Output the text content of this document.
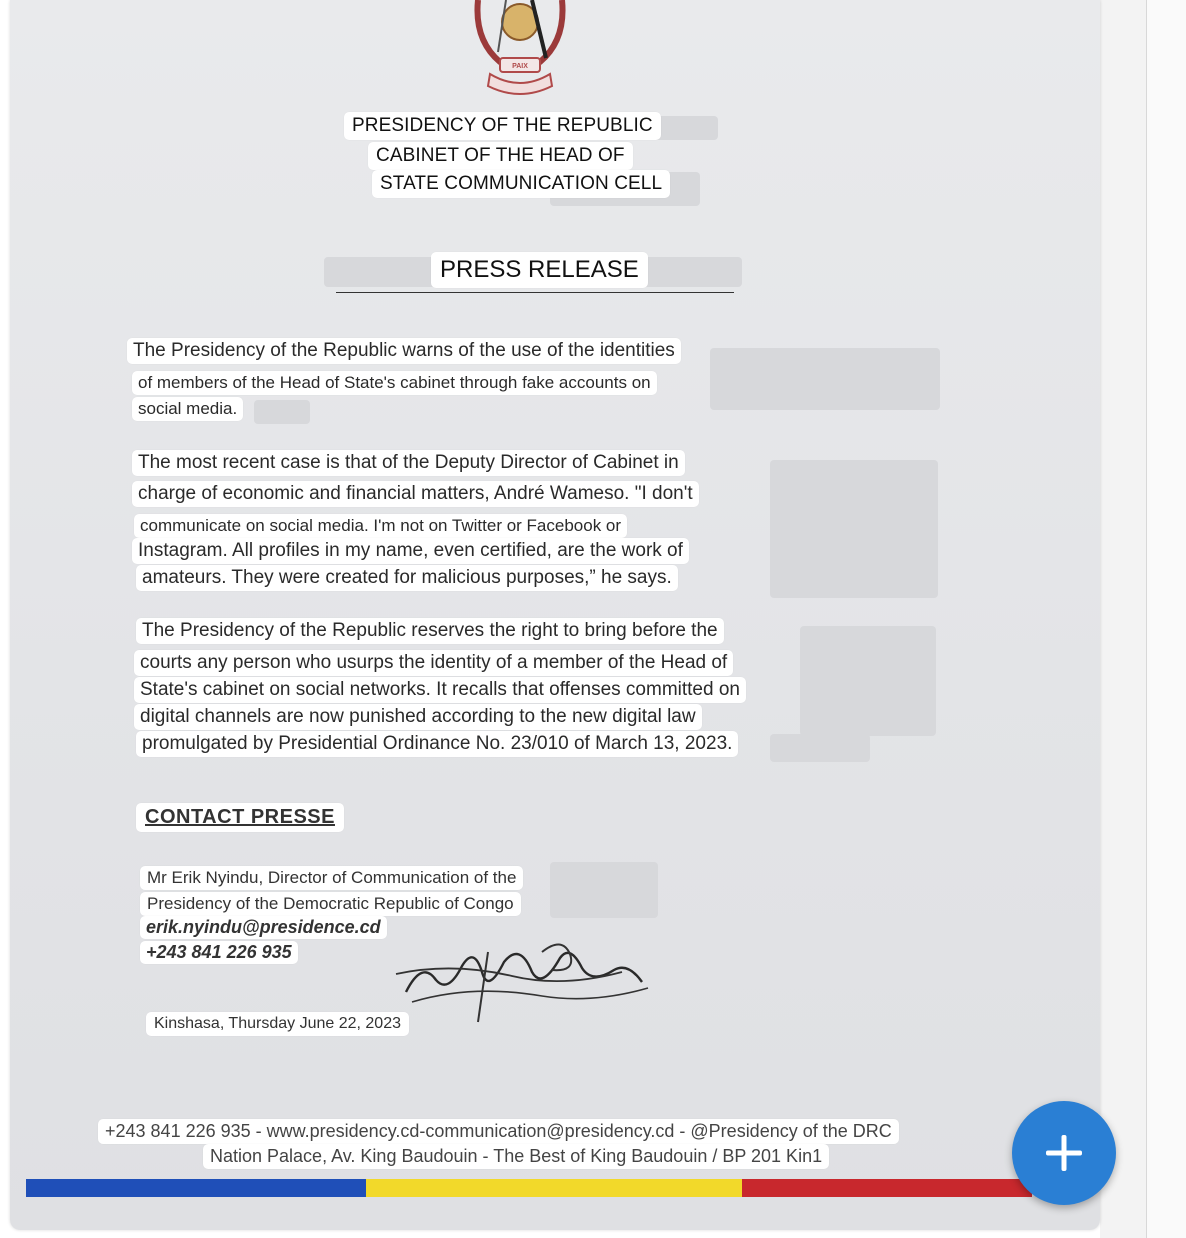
PAIX
PRESIDENCY OF THE REPUBLIC
CABINET OF THE HEAD OF
STATE COMMUNICATION CELL
PRESS RELEASE
The Presidency of the Republic warns of the use of the identities
of members of the Head of State's cabinet through fake accounts on
social media.
The most recent case is that of the Deputy Director of Cabinet in
charge of economic and financial matters, André Wameso. "I don't
communicate on social media. I'm not on Twitter or Facebook or
Instagram. All profiles in my name, even certified, are the work of
amateurs. They were created for malicious purposes,” he says.
The Presidency of the Republic reserves the right to bring before the
courts any person who usurps the identity of a member of the Head of
State's cabinet on social networks. It recalls that offenses committed on
digital channels are now punished according to the new digital law
promulgated by Presidential Ordinance No. 23/010 of March 13, 2023.
CONTACT PRESSE
Mr Erik Nyindu, Director of Communication of the
Presidency of the Democratic Republic of Congo
erik.nyindu@presidence.cd
+243 841 226 935
Kinshasa, Thursday June 22, 2023
+243 841 226 935 - www.presidency.cd-communication@presidency.cd - @Presidency of the DRC
Nation Palace, Av. King Baudouin - The Best of King Baudouin / BP 201 Kin1
